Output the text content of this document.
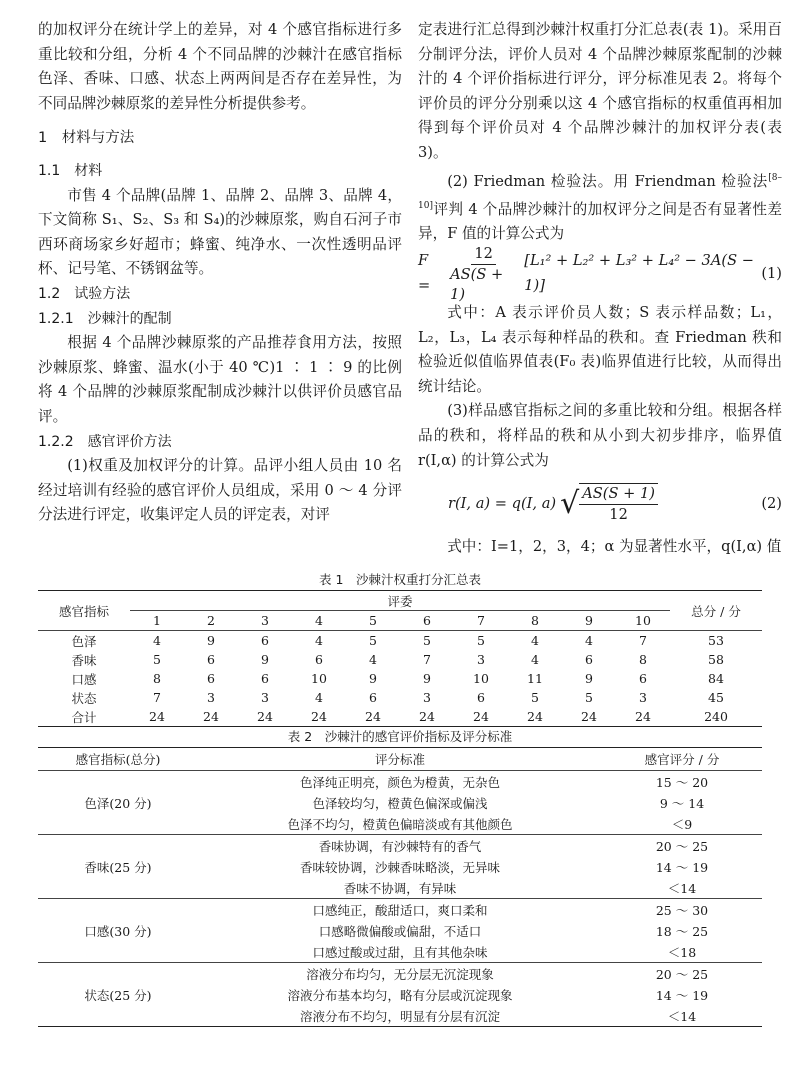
的加权评分在统计学上的差异，对 4 个感官指标进行多重比较和分组，分析 4 个不同品牌的沙棘汁在感官指标色泽、香味、口感、状态上两两间是否存在差异性，为不同品牌沙棘原浆的差异性分析提供参考。

1　材料与方法

1.1　材料

市售 4 个品牌(品牌 1、品牌 2、品牌 3、品牌 4，下文简称 S₁、S₂、S₃ 和 S₄)的沙棘原浆，购自石河子市西环商场家乡好超市；蜂蜜、纯净水、一次性透明品评杯、记号笔、不锈钢盆等。

1.2　试验方法

1.2.1　沙棘汁的配制

根据 4 个品牌沙棘原浆的产品推荐食用方法，按照沙棘原浆、蜂蜜、温水(小于 40 ℃)1 ∶ 1 ∶ 9 的比例将 4 个品牌的沙棘原浆配制成沙棘汁以供评价员感官品评。

1.2.2　感官评价方法

(1)权重及加权评分的计算。品评小组人员由 10 名经过培训有经验的感官评价人员组成，采用 0 ～ 4 分评分法进行评定，收集评定人员的评定表，对评

定表进行汇总得到沙棘汁权重打分汇总表(表 1)。采用百分制评分法，评价人员对 4 个品牌沙棘原浆配制的沙棘汁的 4 个评价指标进行评分，评分标准见表 2。将每个评价员的评分分别乘以这 4 个感官指标的权重值再相加得到每个评价员对 4 个品牌沙棘汁的加权评分表(表 3)。

(2) Friedman 检验法。用 Friendman 检验法[8–10]评判 4 个品牌沙棘汁的加权评分之间是否有显著性差异，F 值的计算公式为

F =	$\frac{12}{AS(S + 1)} [L_1^2 + L_2^2 + L_3^2 + L_4^2 - 3A(S - 1)]$
(1)

式中：A 表示评价员人数；S 表示样品数；L₁，L₂，L₃，L₄ 表示每种样品的秩和。查 Friedman 秩和检验近似值临界值表(F₀ 表)临界值进行比较，从而得出统计结论。

(3)样品感官指标之间的多重比较和分组。根据各样品的秩和，将样品的秩和从小到大初步排序，临界值 r(I,α) 的计算公式为

r(I, a) = q(I, a) √ $\frac{AS(S + 1)}{12}$	(2)

式中：I=1，2，3，4；α 为显著性水平，q(I,α) 值

表 1　沙棘汁权重打分汇总表
感官指标	评委										总分 / 分
	1	2	3	4	5	6	7	8	9	10	
色泽	4	9	6	4	5	5	5	4	4	7	53
香味	5	6	9	6	4	7	3	4	6	8	58
口感	8	6	6	10	9	9	10	11	9	6	84
状态	7	3	3	4	6	3	6	5	5	3	45
合计	24	24	24	24	24	24	24	24	24	24	240
表 2　沙棘汁的感官评价指标及评分标准
感官指标(总分)	评分标准	感官评分 / 分
色泽(20 分)	色泽纯正明亮，颜色为橙黄，无杂色	15 ～ 20
	色泽较均匀，橙黄色偏深或偏浅	9 ～ 14
	色泽不均匀，橙黄色偏暗淡或有其他颜色	＜9
香味(25 分)	香味协调，有沙棘特有的香气	20 ～ 25
	香味较协调，沙棘香味略淡，无异味	14 ～ 19
	香味不协调，有异味	＜14
口感(30 分)	口感纯正，酸甜适口，爽口柔和	25 ～ 30
	口感略微偏酸或偏甜，不适口	18 ～ 25
	口感过酸或过甜，且有其他杂味	＜18
状态(25 分)	溶液分布均匀，无分层无沉淀现象	20 ～ 25
	溶液分布基本均匀，略有分层或沉淀现象	14 ～ 19
	溶液分布不均匀，明显有分层有沉淀	＜14
